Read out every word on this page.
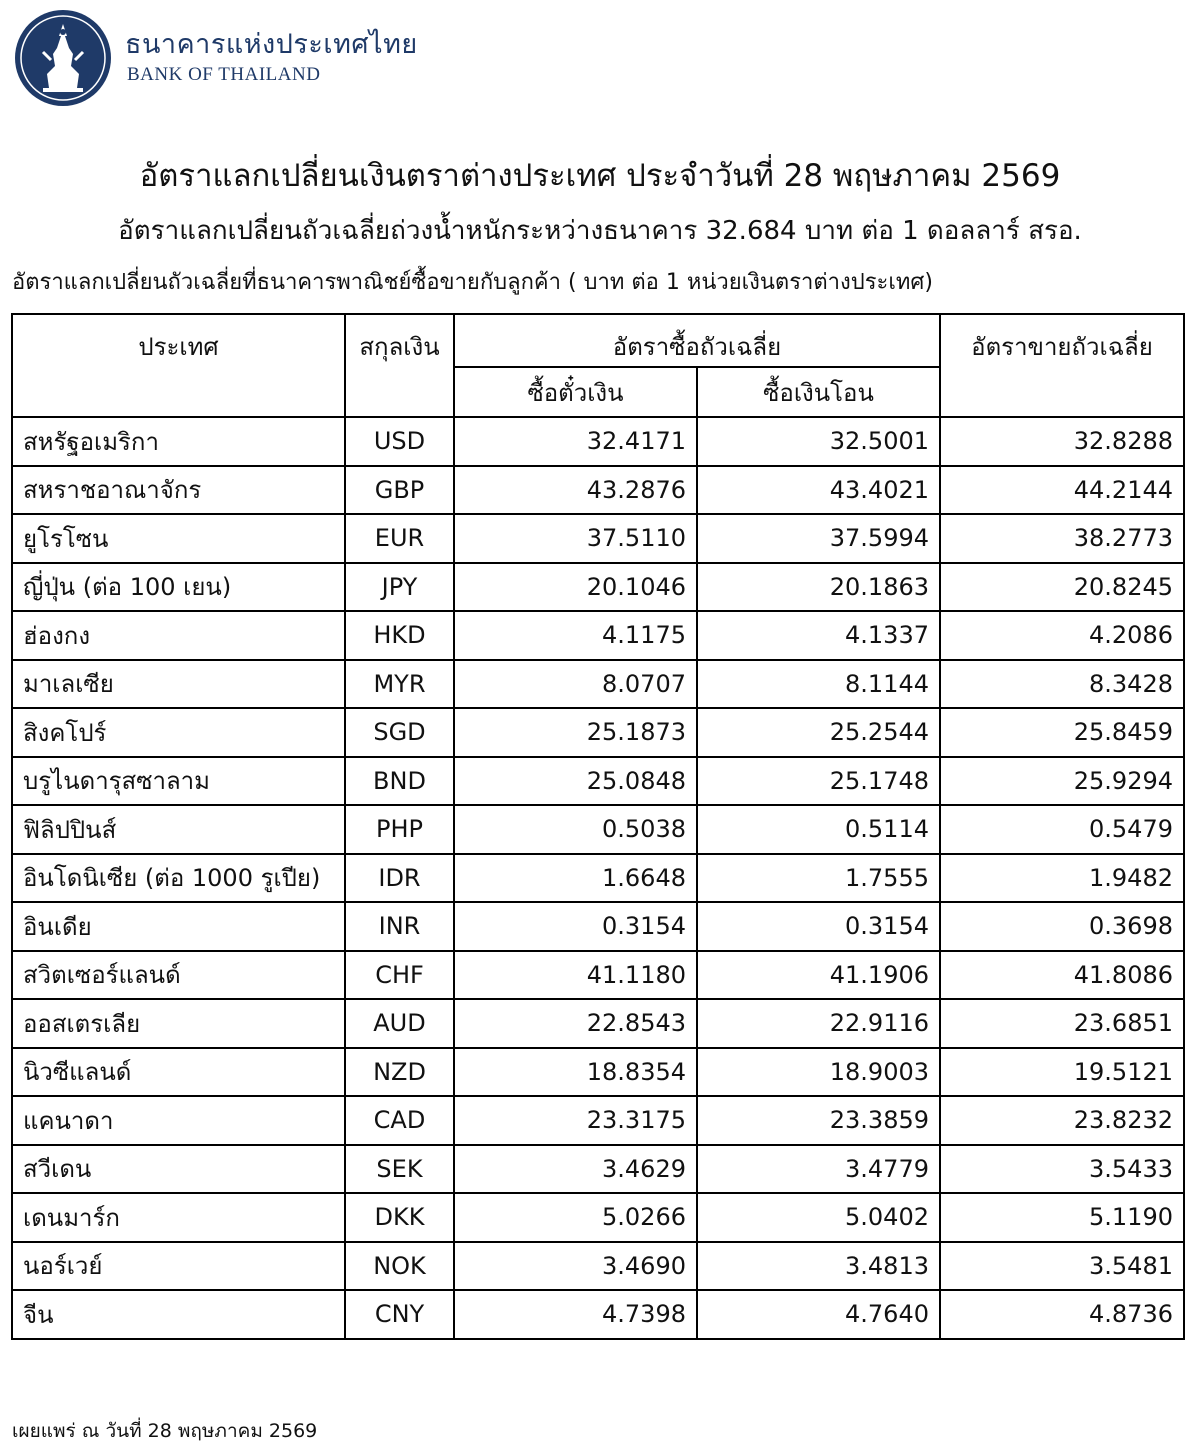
ธนาคารแห่งประเทศไทย
BANK OF THAILAND
อัตราแลกเปลี่ยนเงินตราต่างประเทศ ประจำวันที่ 28 พฤษภาคม 2569
อัตราแลกเปลี่ยนถัวเฉลี่ยถ่วงน้ำหนักระหว่างธนาคาร 32.684 บาท ต่อ 1 ดอลลาร์ สรอ.
อัตราแลกเปลี่ยนถัวเฉลี่ยที่ธนาคารพาณิชย์ซื้อขายกับลูกค้า ( บาท ต่อ 1 หน่วยเงินตราต่างประเทศ)
ประเทศ	สกุลเงิน	อัตราซื้อถัวเฉลี่ย		อัตราขายถัวเฉลี่ย
		ซื้อตั๋วเงิน	ซื้อเงินโอน	
สหรัฐอเมริกา	USD	32.4171	32.5001	32.8288
สหราชอาณาจักร	GBP	43.2876	43.4021	44.2144
ยูโรโซน	EUR	37.5110	37.5994	38.2773
ญี่ปุ่น (ต่อ 100 เยน)	JPY	20.1046	20.1863	20.8245
ฮ่องกง	HKD	4.1175	4.1337	4.2086
มาเลเซีย	MYR	8.0707	8.1144	8.3428
สิงคโปร์	SGD	25.1873	25.2544	25.8459
บรูไนดารุสซาลาม	BND	25.0848	25.1748	25.9294
ฟิลิปปินส์	PHP	0.5038	0.5114	0.5479
อินโดนิเซีย (ต่อ 1000 รูเปีย)	IDR	1.6648	1.7555	1.9482
อินเดีย	INR	0.3154	0.3154	0.3698
สวิตเซอร์แลนด์	CHF	41.1180	41.1906	41.8086
ออสเตรเลีย	AUD	22.8543	22.9116	23.6851
นิวซีแลนด์	NZD	18.8354	18.9003	19.5121
แคนาดา	CAD	23.3175	23.3859	23.8232
สวีเดน	SEK	3.4629	3.4779	3.5433
เดนมาร์ก	DKK	5.0266	5.0402	5.1190
นอร์เวย์	NOK	3.4690	3.4813	3.5481
จีน	CNY	4.7398	4.7640	4.8736
เผยแพร่ ณ วันที่ 28 พฤษภาคม 2569
